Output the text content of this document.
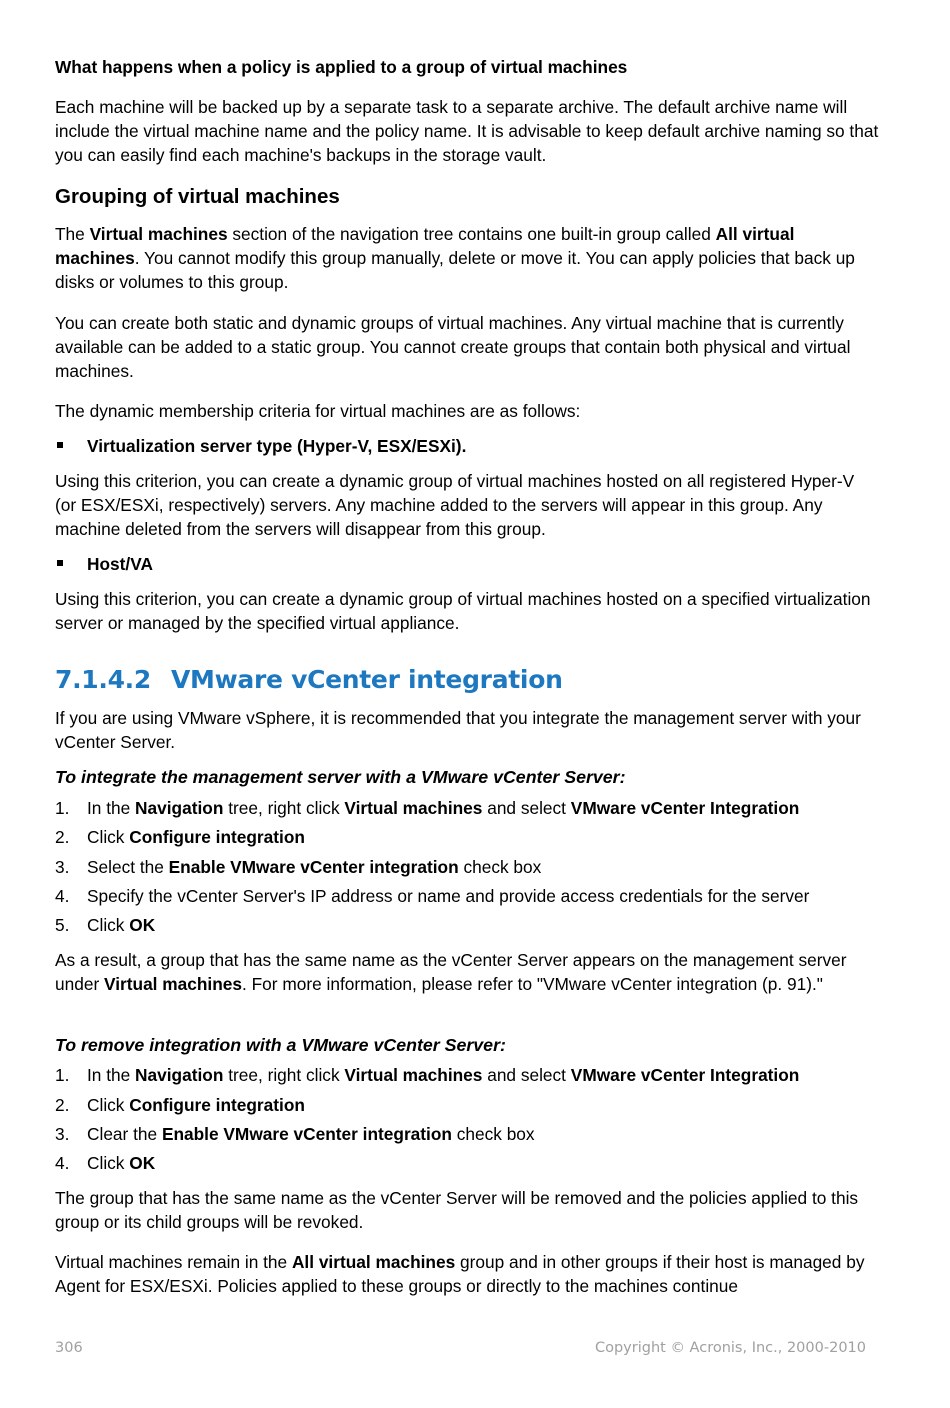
What happens when a policy is applied to a group of virtual machines

Each machine will be backed up by a separate task to a separate archive. The default archive name will include the virtual machine name and the policy name. It is advisable to keep default archive naming so that you can easily find each machine's backups in the storage vault.

Grouping of virtual machines

The Virtual machines section of the navigation tree contains one built-in group called All virtual machines. You cannot modify this group manually, delete or move it. You can apply policies that back up disks or volumes to this group.

You can create both static and dynamic groups of virtual machines. Any virtual machine that is currently available can be added to a static group. You cannot create groups that contain both physical and virtual machines.

The dynamic membership criteria for virtual machines are as follows:

Virtualization server type (Hyper-V, ESX/ESXi).

Using this criterion, you can create a dynamic group of virtual machines hosted on all registered Hyper-V (or ESX/ESXi, respectively) servers. Any machine added to the servers will appear in this group. Any machine deleted from the servers will disappear from this group.

Host/VA

Using this criterion, you can create a dynamic group of virtual machines hosted on a specified virtualization server or managed by the specified virtual appliance.

7.1.4.2 VMware vCenter integration

If you are using VMware vSphere, it is recommended that you integrate the management server with your vCenter Server.

To integrate the management server with a VMware vCenter Server:
1. In the Navigation tree, right click Virtual machines and select VMware vCenter Integration
2. Click Configure integration
3. Select the Enable VMware vCenter integration check box
4. Specify the vCenter Server's IP address or name and provide access credentials for the server
5. Click OK

As a result, a group that has the same name as the vCenter Server appears on the management server under Virtual machines. For more information, please refer to "VMware vCenter integration (p. 91)."

To remove integration with a VMware vCenter Server:
1. In the Navigation tree, right click Virtual machines and select VMware vCenter Integration
2. Click Configure integration
3. Clear the Enable VMware vCenter integration check box
4. Click OK

The group that has the same name as the vCenter Server will be removed and the policies applied to this group or its child groups will be revoked.

Virtual machines remain in the All virtual machines group and in other groups if their host is managed by Agent for ESX/ESXi. Policies applied to these groups or directly to the machines continue

306	Copyright © Acronis, Inc., 2000-2010
